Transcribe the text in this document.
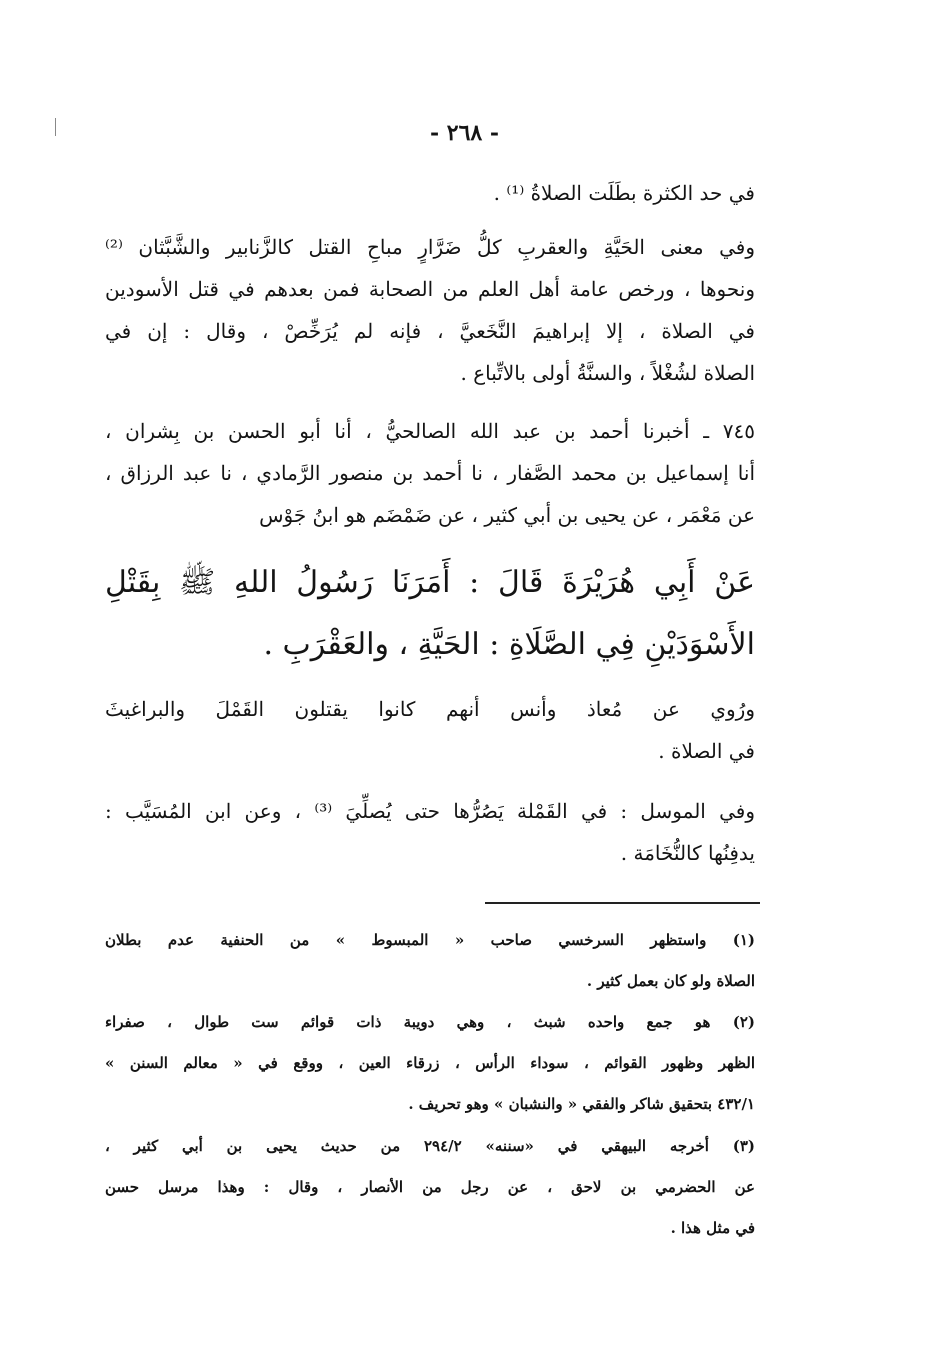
- ٢٦٨ -
في حد الكثرة بطَلَت الصلاةُ ⁽¹⁾ .
وفي معنى الحَيَّةِ والعقربِ كلُّ ضَرَّارٍ مباحِ القتل كالزَّنابير والشَّبَّثان ⁽²⁾
ونحوها ، ورخص عامة أهل العلم من الصحابة فمن بعدهم في قتل الأسودين
في الصلاة ، إلا إبراهيمَ النَّخَعيَّ ، فإنه لم يُرَخِّصْ ، وقال : إن في
الصلاة لشُغْلاً ، والسنَّةُ أولى بالاتِّباع .
٧٤٥ ـ أخبرنا أحمد بن عبد الله الصالحيُّ ، أنا أبو الحسن بن بِشران ،
أنا إسماعيل بن محمد الصَّفار ، نا أحمد بن منصور الرَّمادي ، نا عبد الرزاق ،
عن مَعْمَر ، عن يحيى بن أبي كثير ، عن ضَمْضَم هو ابنُ جَوْس
عَنْ أَبِي هُرَيْرَةَ قَالَ : أَمَرَنَا رَسُولُ اللهِ ﷺ بِقَتْلِ
الأَسْوَدَيْنِ فِي الصَّلَاةِ : الحَيَّةِ ، والعَقْرَبِ .
ورُوي عن مُعاذ وأنس أنهم كانوا يقتلون القَمْلَ والبراغيثَ
في الصلاة .
وفي الموسل : في القَمْلة يَصُرُّها حتى يُصلِّيَ ⁽³⁾ ، وعن ابن المُسَيَّب :
يدفِنُها كالنُّخَامَة .
(١) واستظهر السرخسي صاحب « المبسوط » من الحنفية عدم بطلان
الصلاة ولو كان بعمل كثير .
(٢) هو جمع واحده شبث ، وهي دويبة ذات قوائم ست طوال ، صفراء
الظهر وظهور القوائم ، سوداء الرأس ، زرقاء العين ، ووقع في « معالم السنن »
٤٣٢/١ بتحقيق شاكر والفقي « والنشبان » وهو تحريف .
(٣) أخرجه البيهقي في «سننه» ٢٩٤/٢ من حديث يحيى بن أبي كثير ،
عن الحضرمي بن لاحق ، عن رجل من الأنصار ، وقال : وهذا مرسل حسن
في مثل هذا .
